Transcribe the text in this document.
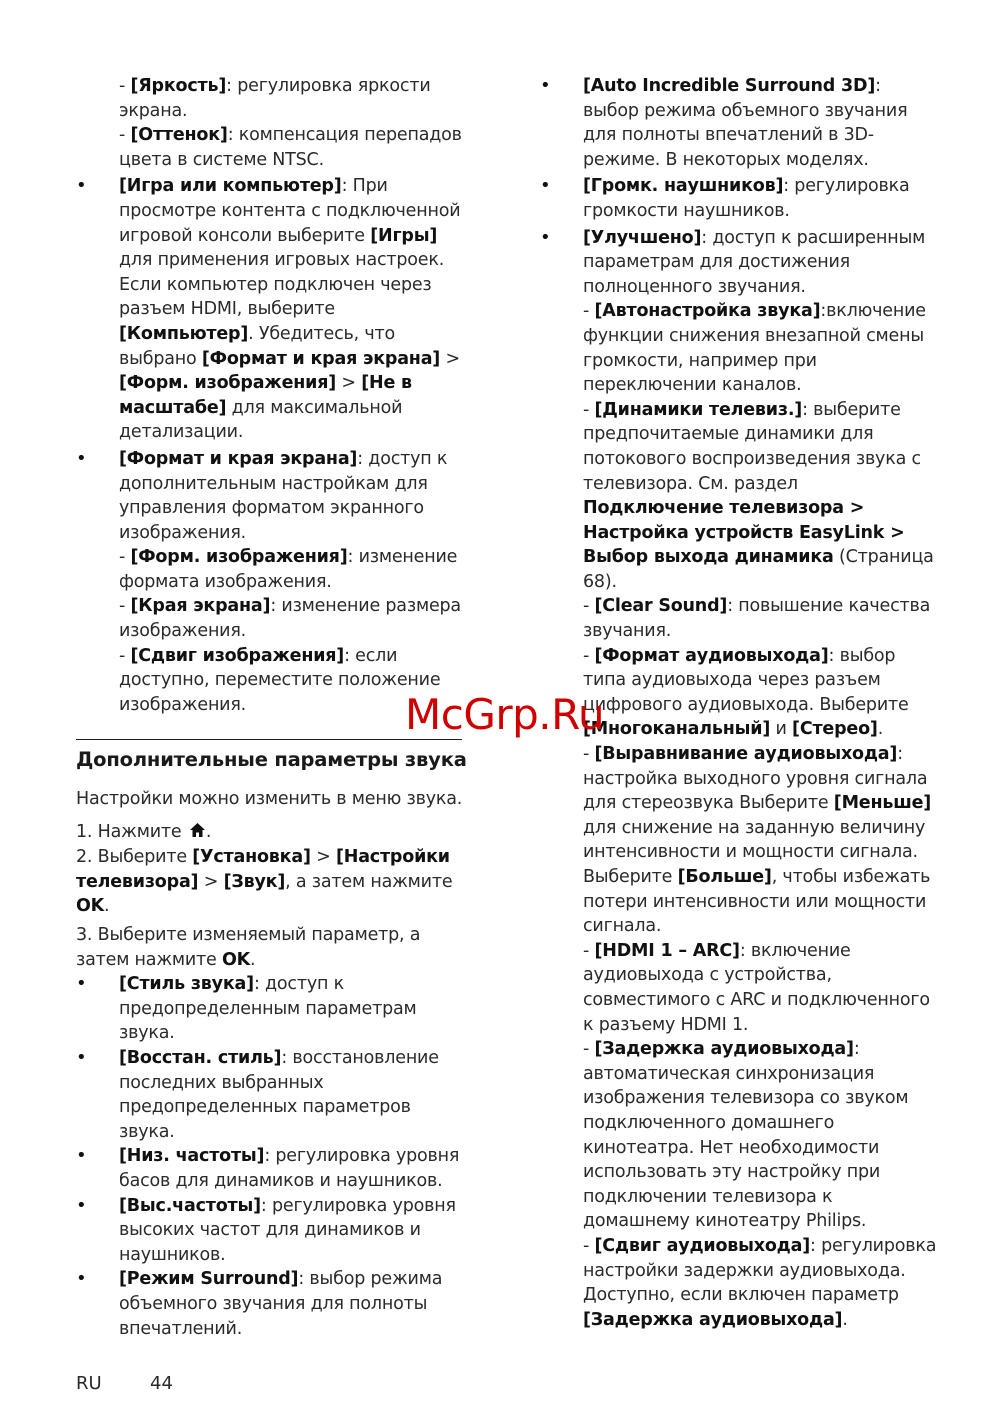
- [Яркость]: регулировка яркости экрана.

- [Оттенок]: компенсация перепадов цвета в системе NTSC.

• [Игра или компьютер]: При просмотре контента с подключенной игровой консоли выберите [Игры] для применения игровых настроек. Если компьютер подключен через разъем HDMI, выберите [Компьютер]. Убедитесь, что выбрано [Формат и края экрана] > [Форм. изображения] > [Не в масштабе] для максимальной детализации.
• [Формат и края экрана]: доступ к дополнительным настройкам для управления форматом экранного изображения.

- [Форм. изображения]: изменение формата изображения.

- [Края экрана]: изменение размера изображения.

- [Сдвиг изображения]: если доступно, переместите положение изображения.

Дополнительные параметры звука

Настройки можно изменить в меню звука.

1. Нажмите .

2. Выберите [Установка] > [Настройки телевизора] > [Звук], а затем нажмите OK.

3. Выберите изменяемый параметр, а затем нажмите OK.

• [Стиль звука]: доступ к предопределенным параметрам звука.
• [Восстан. стиль]: восстановление последних выбранных предопределенных параметров звука.
• [Низ. частоты]: регулировка уровня басов для динамиков и наушников.
• [Выс.частоты]: регулировка уровня высоких частот для динамиков и наушников.
• [Режим Surround]: выбор режима объемного звучания для полноты впечатлений.
• [Auto Incredible Surround 3D]: выбор режима объемного звучания для полноты впечатлений в 3D-режиме. В некоторых моделях.
• [Громк. наушников]: регулировка громкости наушников.
• [Улучшено]: доступ к расширенным параметрам для достижения полноценного звучания.

- [Автонастройка звука]:включение функции снижения внезапной смены громкости, например при переключении каналов.

- [Динамики телевиз.]: выберите предпочитаемые динамики для потокового воспроизведения звука с телевизора. См. раздел Подключение телевизора > Настройка устройств EasyLink > Выбор выхода динамика (Страница 68).

- [Clear Sound]: повышение качества звучания.

- [Формат аудиовыхода]: выбор типа аудиовыхода через разъем цифрового аудиовыхода. Выберите [Многоканальный] и [Стерео].

- [Выравнивание аудиовыхода]: настройка выходного уровня сигнала для стереозвука Выберите [Меньше] для снижение на заданную величину интенсивности и мощности сигнала. Выберите [Больше], чтобы избежать потери интенсивности или мощности сигнала.

- [HDMI 1 – ARC]: включение аудиовыхода с устройства, совместимого с ARC и подключенного к разъему HDMI 1.

- [Задержка аудиовыхода]: автоматическая синхронизация изображения телевизора со звуком подключенного домашнего кинотеатра. Нет необходимости использовать эту настройку при подключении телевизора к домашнему кинотеатру Philips.

- [Сдвиг аудиовыхода]: регулировка настройки задержки аудиовыхода. Доступно, если включен параметр [Задержка аудиовыхода].

RU	44
McGrp.Ru
